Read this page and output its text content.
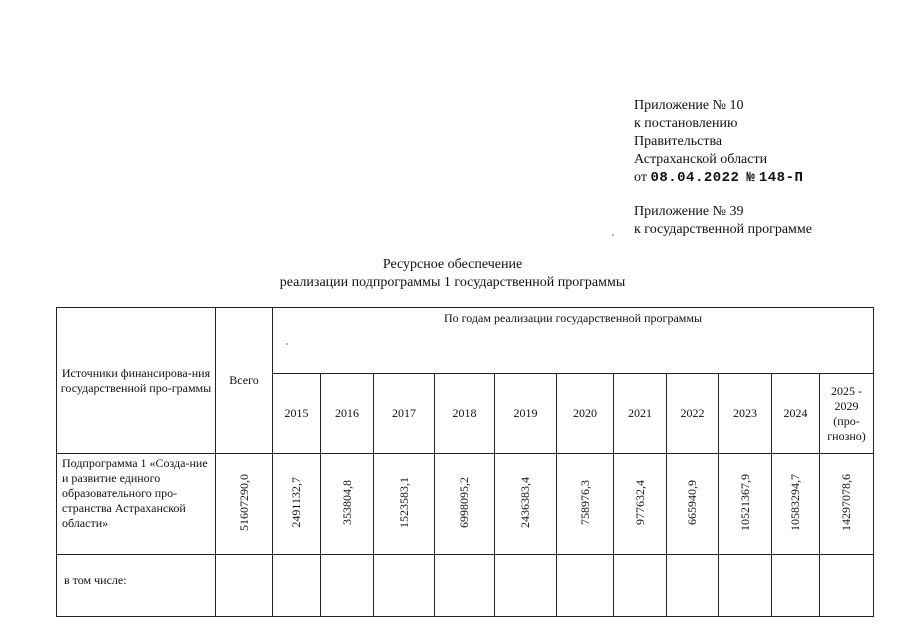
Приложение № 10
к постановлению
Правительства
Астраханской области
от 08.04.2022 № 148-П
Приложение № 39
к государственной программе
Ресурсное обеспечение
реализации подпрограммы 1 государственной программы
Источники финансирова-ния государственной про-граммы	Всего	По годам реализации государственной программы										
		2015	2016	2017	2018	2019	2020	2021	2022	2023	2024	2025 - 2029 (про-гнозно)
Подпрограмма 1 «Созда-ние и развитие единого образовательного про-странства Астраханской области»	51607290,0	2491132,7	353804,8	1523583,1	6998095,2	2436383,4	758976,3	977632,4	665940,9	10521367,9	10583294,7	14297078,6
в том числе:												
